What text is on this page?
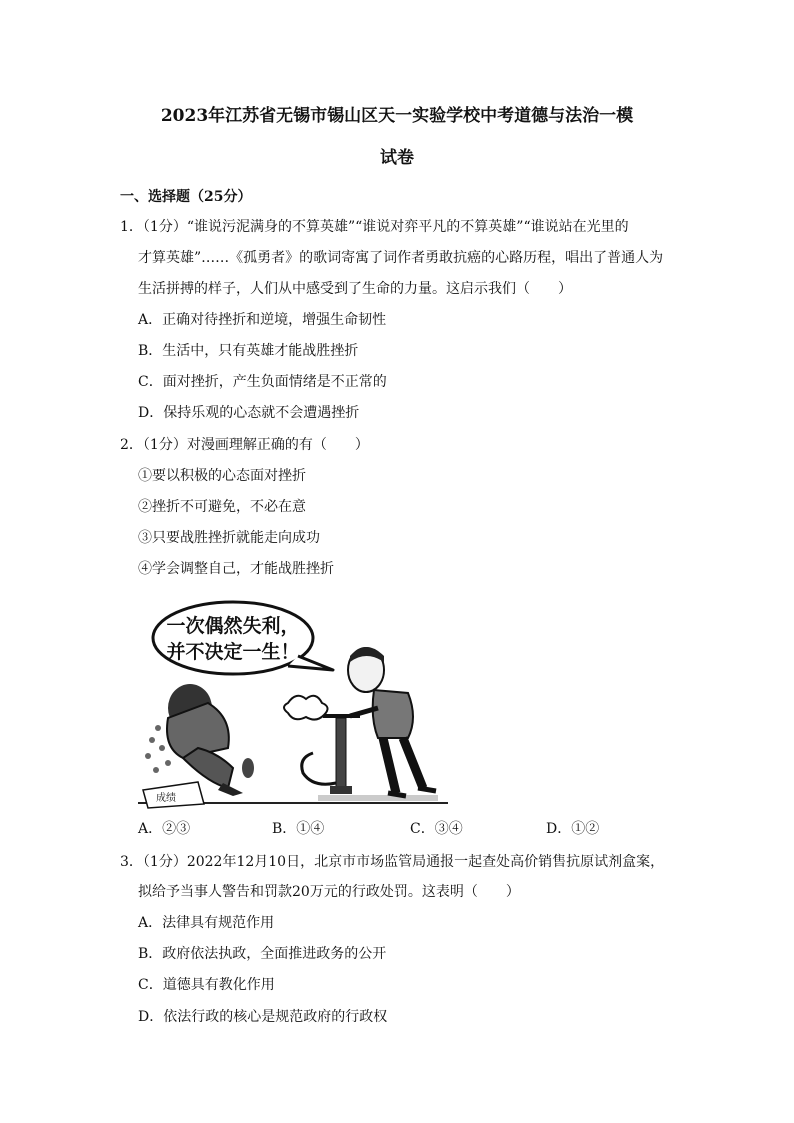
2023年江苏省无锡市锡山区天一实验学校中考道德与法治一模
试卷
一、选择题（25分）
1．（1分）“谁说污泥满身的不算英雄”“谁说对弈平凡的不算英雄”“谁说站在光里的
才算英雄”……《孤勇者》的歌词寄寓了词作者勇敢抗癌的心路历程，唱出了普通人为
生活拼搏的样子，人们从中感受到了生命的力量。这启示我们（　　）
A．正确对待挫折和逆境，增强生命韧性
B．生活中，只有英雄才能战胜挫折
C．面对挫折，产生负面情绪是不正常的
D．保持乐观的心态就不会遭遇挫折
2．（1分）对漫画理解正确的有（　　）
①要以积极的心态面对挫折
②挫折不可避免，不必在意
③只要战胜挫折就能走向成功
④学会调整自己，才能战胜挫折
一次偶然失利，
并不决定一生！
成绩
A．②③	B．①④	C．③④	D．①②
3．（1分）2022年12月10日，北京市市场监管局通报一起查处高价销售抗原试剂盒案，
拟给予当事人警告和罚款20万元的行政处罚。这表明（　　）
A．法律具有规范作用
B．政府依法执政，全面推进政务的公开
C．道德具有教化作用
D．依法行政的核心是规范政府的行政权
